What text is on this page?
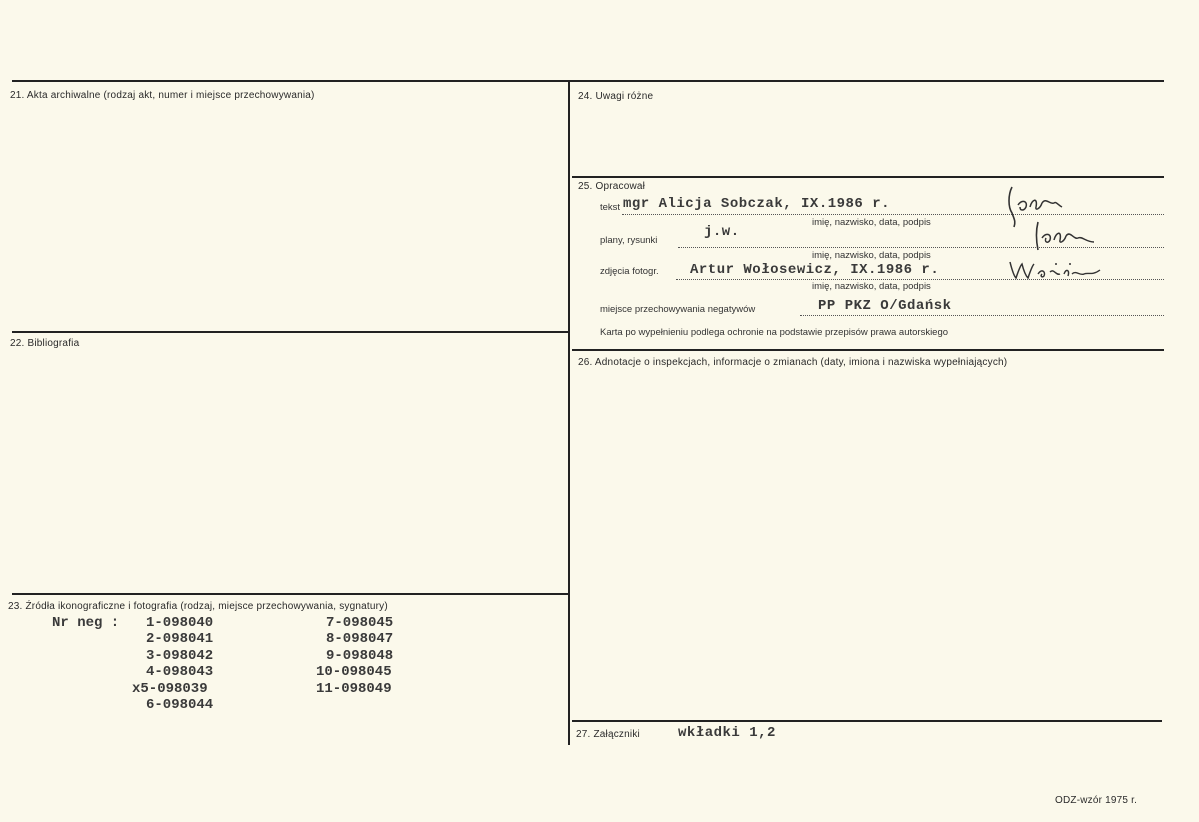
21. Akta archiwalne (rodzaj akt, numer i miejsce przechowywania)
22. Bibliografia
23. Źródła ikonograficzne i fotografia (rodzaj, miejsce przechowywania, sygnatury)
Nr neg : 1-098040
2-098041
3-098042
4-098043
x5-098039
6-098044
7-098045
8-098047
9-098048
10-098045
11-098049
24. Uwagi różne
25. Opracował
26. Adnotacje o inspekcjach, informacje o zmianach (daty, imiona i nazwiska wypełniających)
27. Załączniki
tekst mgr Alicja Sobczak, IX.1986 r.
imię, nazwisko, data, podpis
plany, rysunki
j.w.
imię, nazwisko, data, podpis
zdjęcia fotogr. Artur Wołosewicz, IX.1986 r.
imię, nazwisko, data, podpis
miejsce przechowywania negatywów	PP PKZ O/Gdańsk
Karta po wypełnieniu podlega ochronie na podstawie przepisów prawa autorskiego
wkładki 1,2
ODZ-wzór 1975 r.
